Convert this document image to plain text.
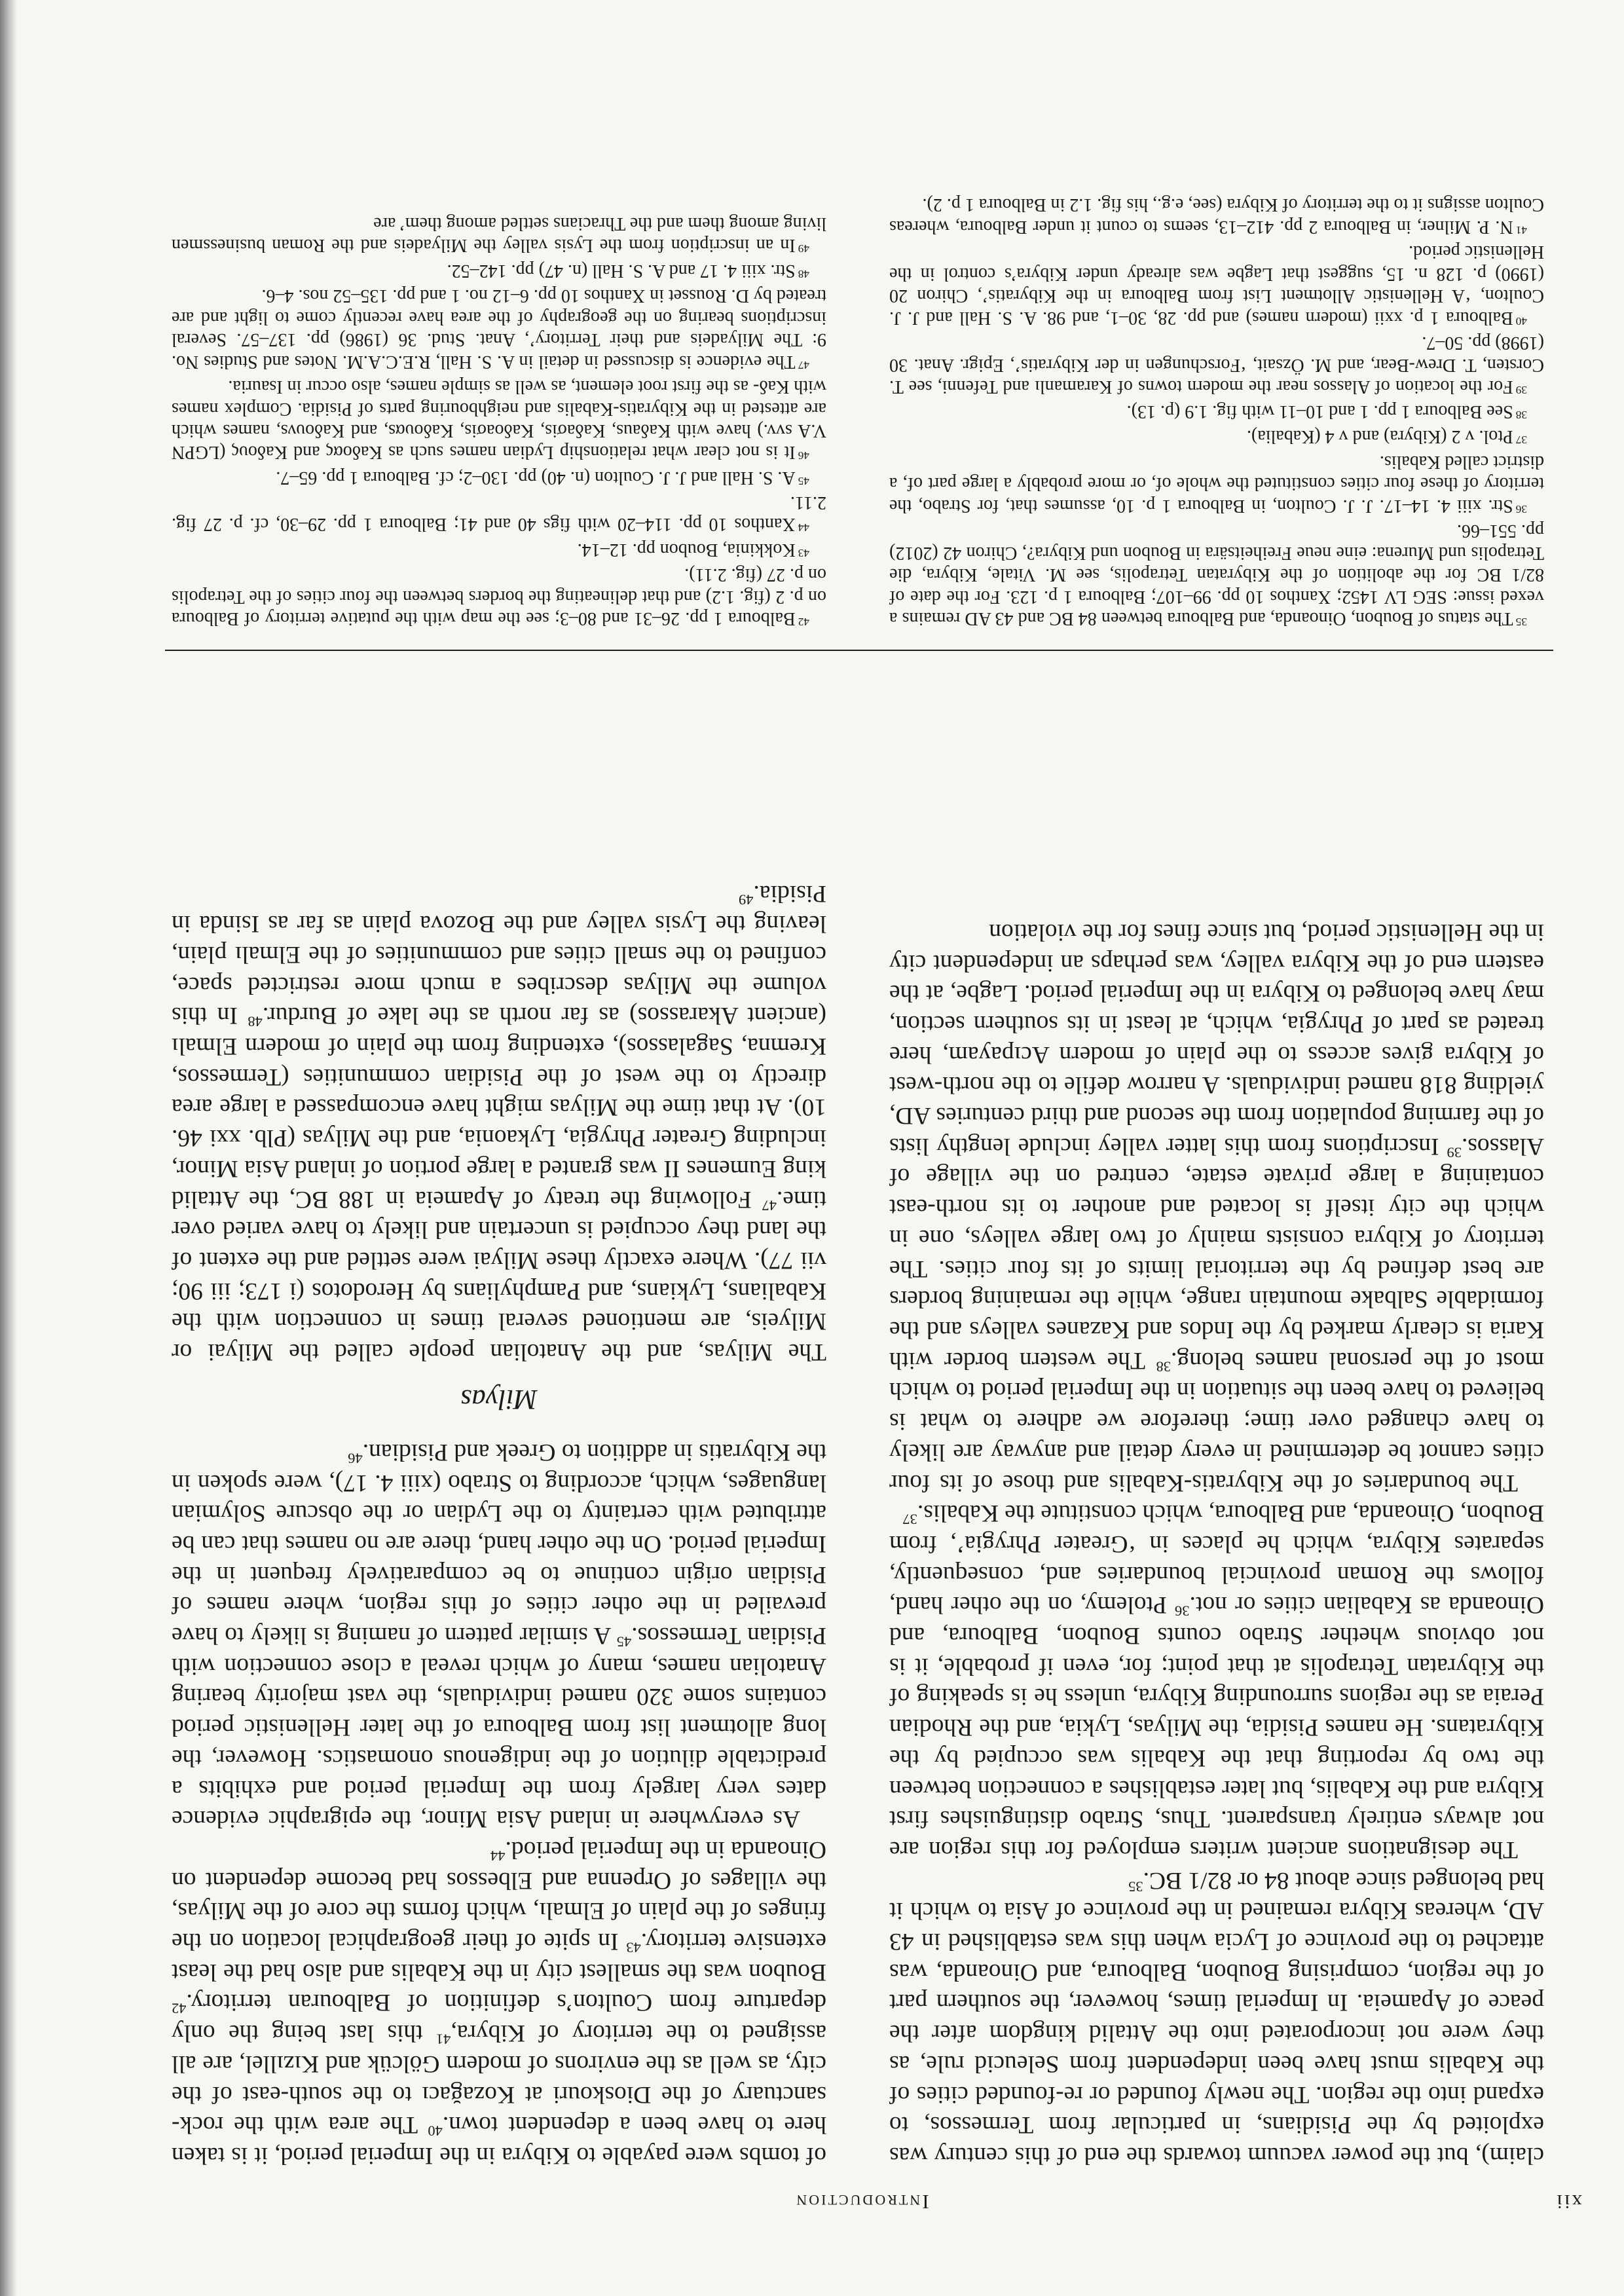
xii
Introduction

claim), but the power vacuum towards the end of this century was exploited by the Pisidians, in particular from Termessos, to expand into the region. The newly founded or re-founded cities of the Kabalis must have been independent from Seleucid rule, as they were not incorporated into the Attalid kingdom after the peace of Apameia. In Imperial times, however, the southern part of the region, comprising Boubon, Balboura, and Oinoanda, was attached to the province of Lycia when this was established in 43 AD, whereas Kibyra remained in the province of Asia to which it had belonged since about 84 or 82/1 BC.$^{35}$

The designations ancient writers employed for this region are not always entirely transparent. Thus, Strabo distinguishes first Kibyra and the Kabalis, but later establishes a connection between the two by reporting that the Kabalis was occupied by the Kibyratans. He names Pisidia, the Milyas, Lykia, and the Rhodian Peraia as the regions surrounding Kibyra, unless he is speaking of the Kibyratan Tetrapolis at that point; for, even if probable, it is not obvious whether Strabo counts Boubon, Balboura, and Oinoanda as Kabalian cities or not.$^{36}$ Ptolemy, on the other hand, follows the Roman provincial boundaries and, consequently, separates Kibyra, which he places in ‘Greater Phrygia’, from Boubon, Oinoanda, and Balboura, which constitute the Kabalis.$^{37}$

The boundaries of the Kibyratis-Kabalis and those of its four cities cannot be determined in every detail and anyway are likely to have changed over time; therefore we adhere to what is believed to have been the situation in the Imperial period to which most of the personal names belong.$^{38}$ The western border with Karia is clearly marked by the Indos and Kazanes valleys and the formidable Salbake mountain range, while the remaining borders are best defined by the territorial limits of its four cities. The territory of Kibyra consists mainly of two large valleys, one in which the city itself is located and another to its north-east containing a large private estate, centred on the village of Alassos.$^{39}$ Inscriptions from this latter valley include lengthy lists of the farming population from the second and third centuries AD, yielding 818 named individuals. A narrow defile to the north-west of Kibyra gives access to the plain of modern Acıpayam, here treated as part of Phrygia, which, at least in its southern section, may have belonged to Kibyra in the Imperial period. Lagbe, at the eastern end of the Kibyra valley, was perhaps an independent city in the Hellenistic period, but since fines for the violation

of tombs were payable to Kibyra in the Imperial period, it is taken here to have been a dependent town.$^{40}$ The area with the rock-sanctuary of the Dioskouri at Kozağacı to the south-east of the city, as well as the environs of modern Gölcük and Kızıllel, are all assigned to the territory of Kibyra,$^{41}$ this last being the only departure from Coulton’s definition of Balbouran territory.$^{42}$ Boubon was the smallest city in the Kabalis and also had the least extensive territory.$^{43}$ In spite of their geographical location on the fringes of the plain of Elmalı, which forms the core of the Milyas, the villages of Orpenna and Elbessos had become dependent on Oinoanda in the Imperial period.$^{44}$

As everywhere in inland Asia Minor, the epigraphic evidence dates very largely from the Imperial period and exhibits a predictable dilution of the indigenous onomastics. However, the long allotment list from Balboura of the later Hellenistic period contains some 320 named individuals, the vast majority bearing Anatolian names, many of which reveal a close connection with Pisidian Termessos.$^{45}$ A similar pattern of naming is likely to have prevailed in the other cities of this region, where names of Pisidian origin continue to be comparatively frequent in the Imperial period. On the other hand, there are no names that can be attributed with certainty to the Lydian or the obscure Solymian languages, which, according to Strabo (xiii 4. 17), were spoken in the Kibyratis in addition to Greek and Pisidian.$^{46}$

Milyas

The Milyas, and the Anatolian people called the Milyai or Milyeis, are mentioned several times in connection with the Kabalians, Lykians, and Pamphylians by Herodotos (i 173; iii 90; vii 77). Where exactly these Milyai were settled and the extent of the land they occupied is uncertain and likely to have varied over time.$^{47}$ Following the treaty of Apameia in 188 BC, the Attalid king Eumenes II was granted a large portion of inland Asia Minor, including Greater Phrygia, Lykaonia, and the Milyas (Plb. xxi 46. 10). At that time the Milyas might have encompassed a large area directly to the west of the Pisidian communities (Termessos, Kremna, Sagalassos), extending from the plain of modern Elmalı (ancient Akarassos) as far north as the lake of Burdur.$^{48}$ In this volume the Milyas describes a much more restricted space, confined to the small cities and communities of the Elmalı plain, leaving the Lysis valley and the Bozova plain as far as Isinda in Pisidia.$^{49}$

$^{35}$The status of Boubon, Oinoanda, and Balboura between 84 BC and 43 AD remains a vexed issue: SEG LV 1452; Xanthos 10 pp. 99–107; Balboura 1 p. 123. For the date of 82/1 BC for the abolition of the Kibyratan Tetrapolis, see M. Vitale, Kibyra, die Tetrapolis und Murena: eine neue Freiheitsära in Boubon und Kibyra?, Chiron 42 (2012) pp. 551–66.

$^{36}$Str. xiii 4. 14–17. J. J. Coulton, in Balboura 1 p. 10, assumes that, for Strabo, the territory of these four cities constituted the whole of, or more probably a large part of, a district called Kabalis.

$^{37}$Ptol. v 2 (Kibyra) and v 4 (Kabalia).

$^{38}$See Balboura 1 pp. 1 and 10–11 with fig. 1.9 (p. 13).

$^{39}$For the location of Alassos near the modern towns of Karamanlı and Tefenni, see T. Corsten, T. Drew-Bear, and M. Özsait, ‘Forschungen in der Kibyratis’, Epigr. Anat. 30 (1998) pp. 50–7.

$^{40}$Balboura 1 p. xxii (modern names) and pp. 28, 30–1, and 98. A. S. Hall and J. J. Coulton, ‘A Hellenistic Allotment List from Balboura in the Kibyratis’, Chiron 20 (1990) p. 128 n. 15, suggest that Lagbe was already under Kibyra’s control in the Hellenistic period.

$^{41}$N. P. Milner, in Balboura 2 pp. 412–13, seems to count it under Balboura, whereas Coulton assigns it to the territory of Kibyra (see, e.g., his fig. 1.2 in Balboura 1 p. 2).

$^{42}$Balboura 1 pp. 26–31 and 80–3; see the map with the putative territory of Balboura on p. 2 (fig. 1.2) and that delineating the borders between the four cities of the Tetrapolis on p. 27 (fig. 2.11).

$^{43}$Kokkinia, Boubon pp. 12–14.

$^{44}$Xanthos 10 pp. 114–20 with figs 40 and 41; Balboura 1 pp. 29–30, cf. p. 27 fig. 2.11.

$^{45}$A. S. Hall and J. J. Coulton (n. 40) pp. 130–2; cf. Balboura 1 pp. 65–7.

$^{46}$It is not clear what relationship Lydian names such as Kaδοας and Kaδους (LGPN V.A svv.) have with Kaδaus, Kaδaσis, Kaδoaσis, Kaδoυαs, and Kaδoυνs, names which are attested in the Kibyratis-Kabalis and neighbouring parts of Pisidia. Complex names with Kaδ- as the first root element, as well as simple names, also occur in Isauria.

$^{47}$The evidence is discussed in detail in A. S. Hall, R.E.C.A.M. Notes and Studies No. 9: The Milyadeis and their Territory’, Anat. Stud. 36 (1986) pp. 137–57. Several inscriptions bearing on the geography of the area have recently come to light and are treated by D. Rousset in Xanthos 10 pp. 6–12 no. 1 and pp. 135–52 nos. 4–6.

$^{48}$Str. xiii 4. 17 and A. S. Hall (n. 47) pp. 142–52.

$^{49}$In an inscription from the Lysis valley the Milyadeis and the Roman businessmen living among them and the Thracians settled among them’ are
